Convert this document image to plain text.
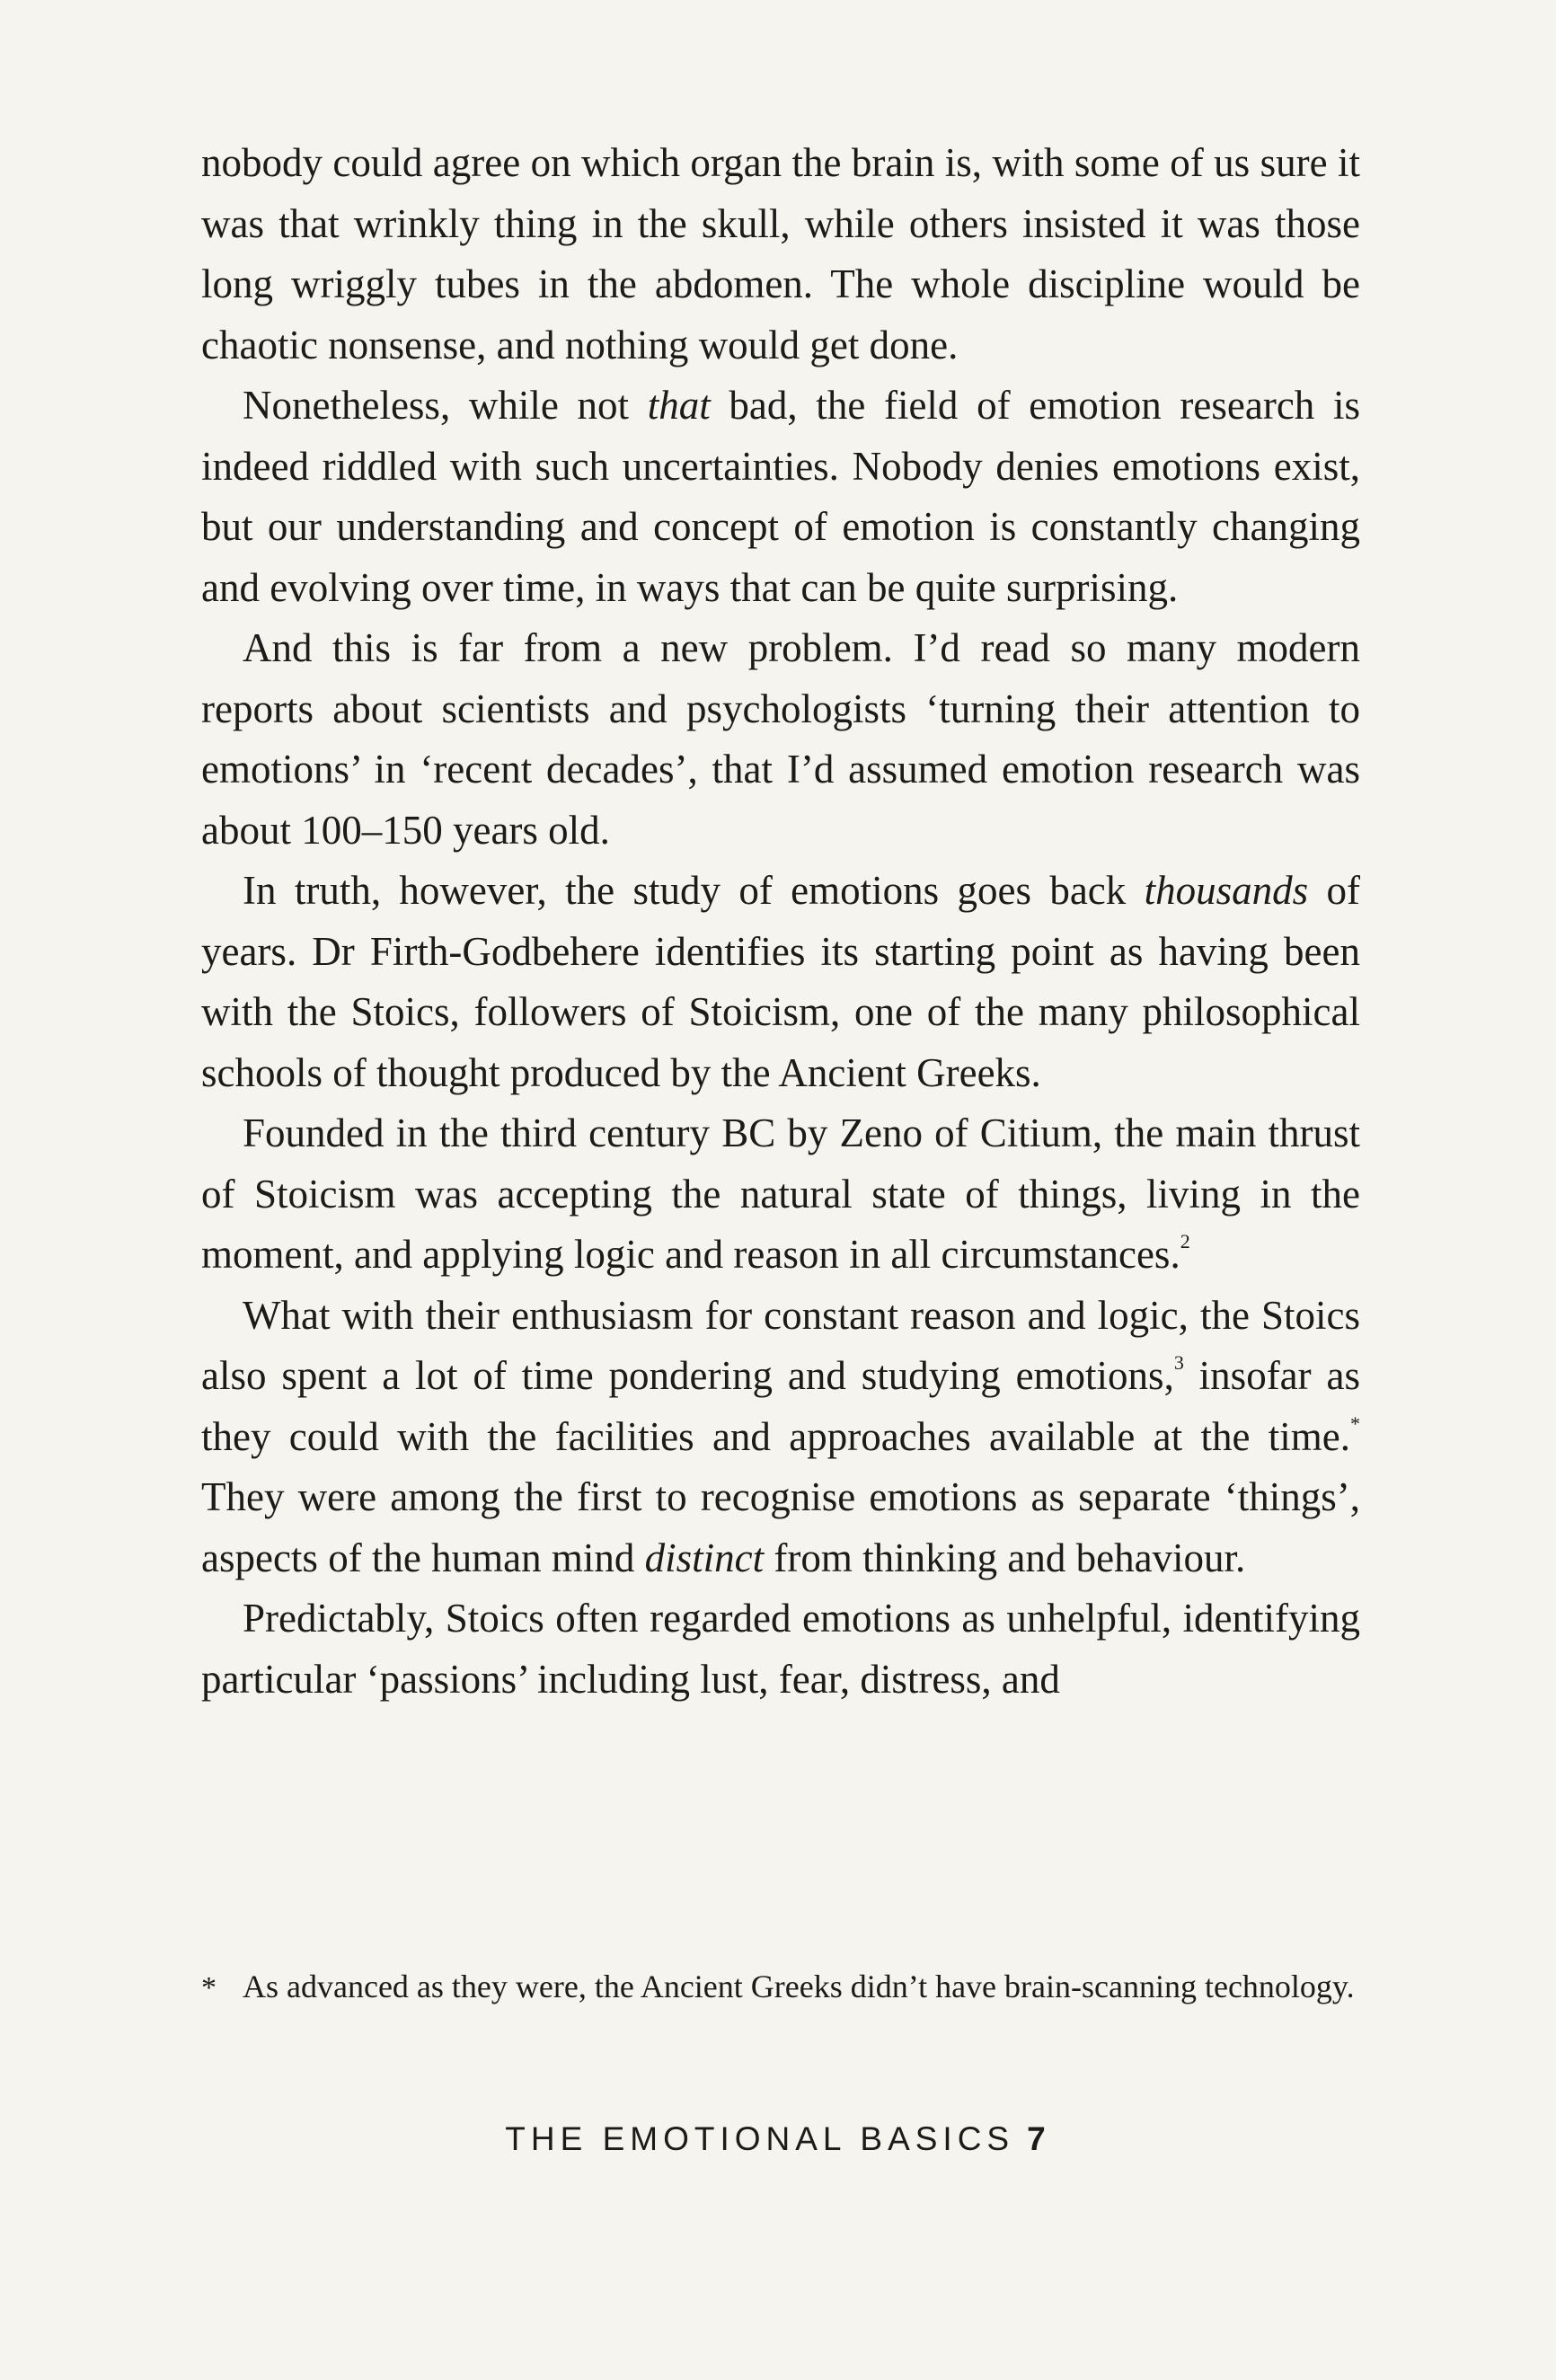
nobody could agree on which organ the brain is, with some of us sure it was that wrinkly thing in the skull, while others insisted it was those long wriggly tubes in the abdomen. The whole discipline would be chaotic nonsense, and nothing would get done.

Nonetheless, while not that bad, the field of emotion research is indeed riddled with such uncertainties. Nobody denies emotions exist, but our understanding and concept of emotion is constantly changing and evolving over time, in ways that can be quite surprising.

And this is far from a new problem. I’d read so many modern reports about scientists and psychologists ‘turning their attention to emotions’ in ‘recent decades’, that I’d assumed emotion research was about 100–150 years old.

In truth, however, the study of emotions goes back thousands of years. Dr Firth-Godbehere identifies its starting point as having been with the Stoics, followers of Stoicism, one of the many philosophical schools of thought produced by the Ancient Greeks.

Founded in the third century BC by Zeno of Citium, the main thrust of Stoicism was accepting the natural state of things, living in the moment, and applying logic and reason in all circumstances.$^2$

What with their enthusiasm for constant reason and logic, the Stoics also spent a lot of time pondering and studying emotions,$^3$ insofar as they could with the facilities and approaches available at the time.* They were among the first to recognise emotions as separate ‘things’, aspects of the human mind distinct from thinking and behaviour.

Predictably, Stoics often regarded emotions as unhelpful, identifying particular ‘passions’ including lust, fear, distress, and

* As advanced as they were, the Ancient Greeks didn’t have brain-scanning technology.
THE EMOTIONAL BASICS 7
